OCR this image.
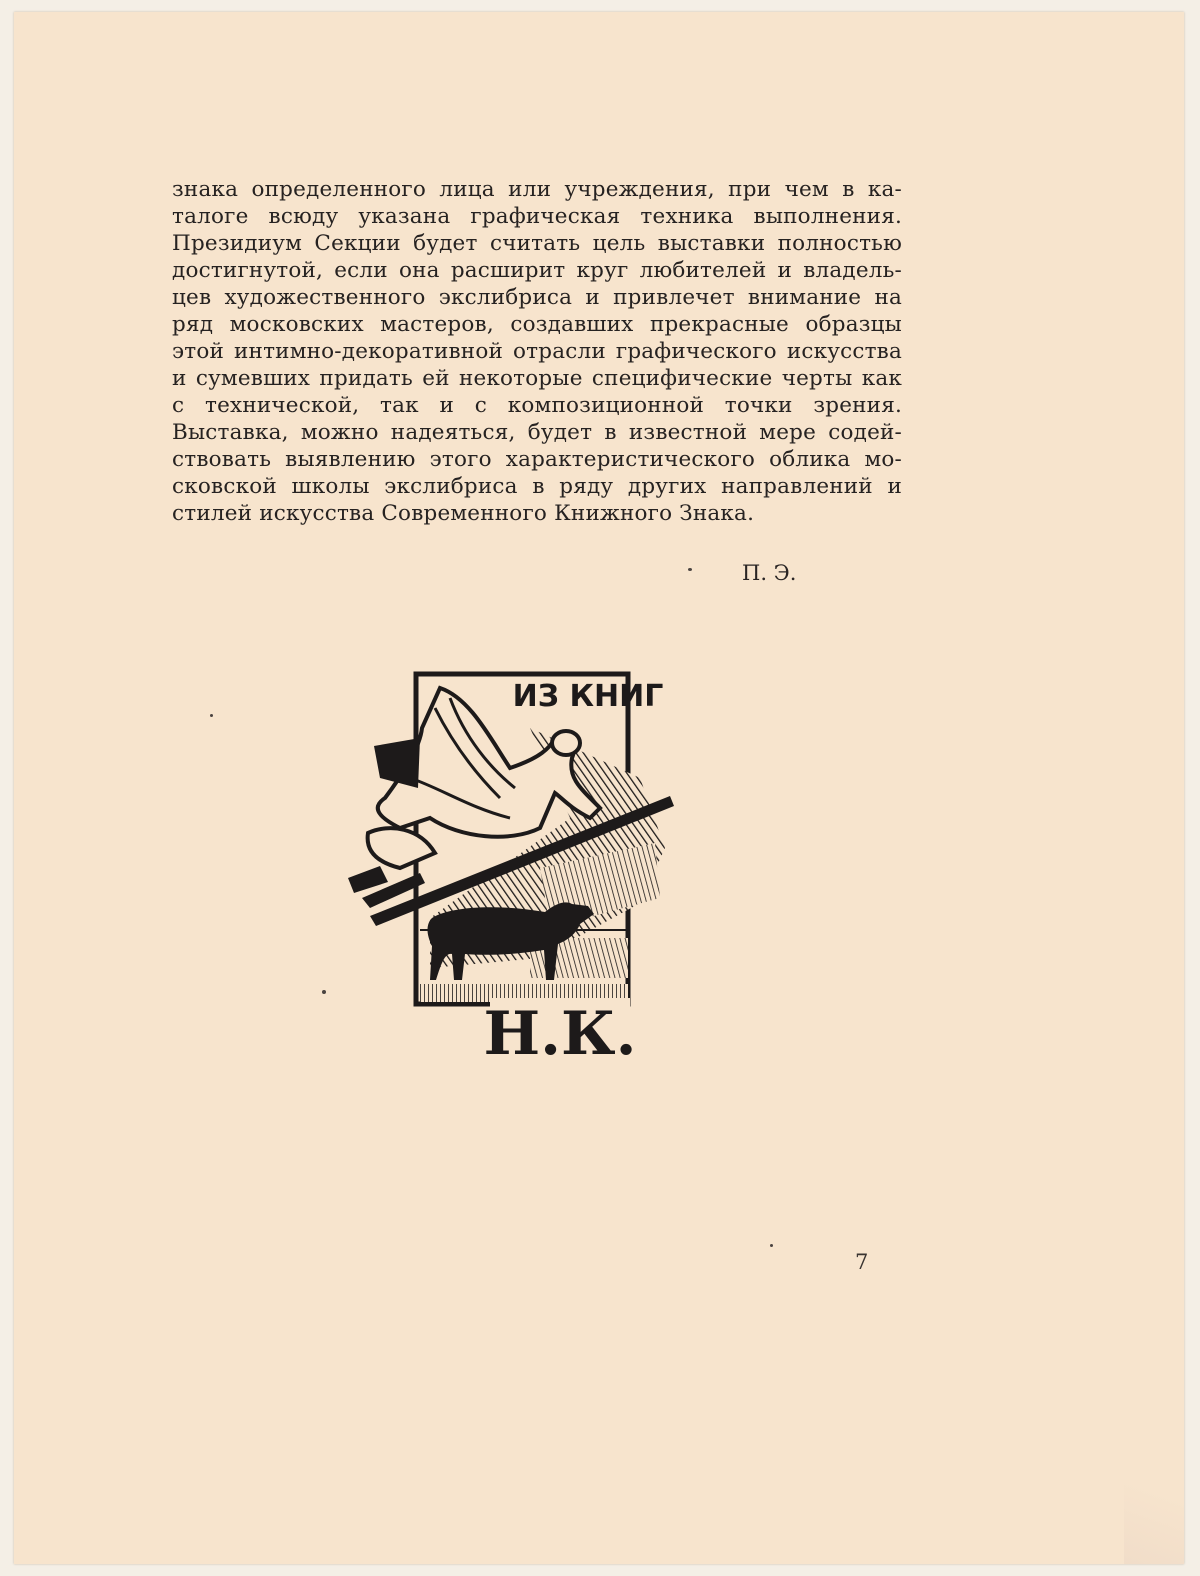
знака определенного лица или учреждения, при чем в ка-
талоге всюду указана графическая техника выполнения.
Президиум Секции будет считать цель выставки полностью
достигнутой, если она расширит круг любителей и владель-
цев художественного экслибриса и привлечет внимание на
ряд московских мастеров, создавших прекрасные образцы
этой интимно-декоративной отрасли графического искусства
и сумевших придать ей некоторые специфические черты как
с технической, так и с композиционной точки зрения.
Выставка, можно надеяться, будет в известной мере содей-
ствовать выявлению этого характеристического облика мо-
сковской школы экслибриса в ряду других направлений и
стилей искусства Современного Книжного Знака.
П. Э.
ИЗ КНИГ
Н.К.
7
